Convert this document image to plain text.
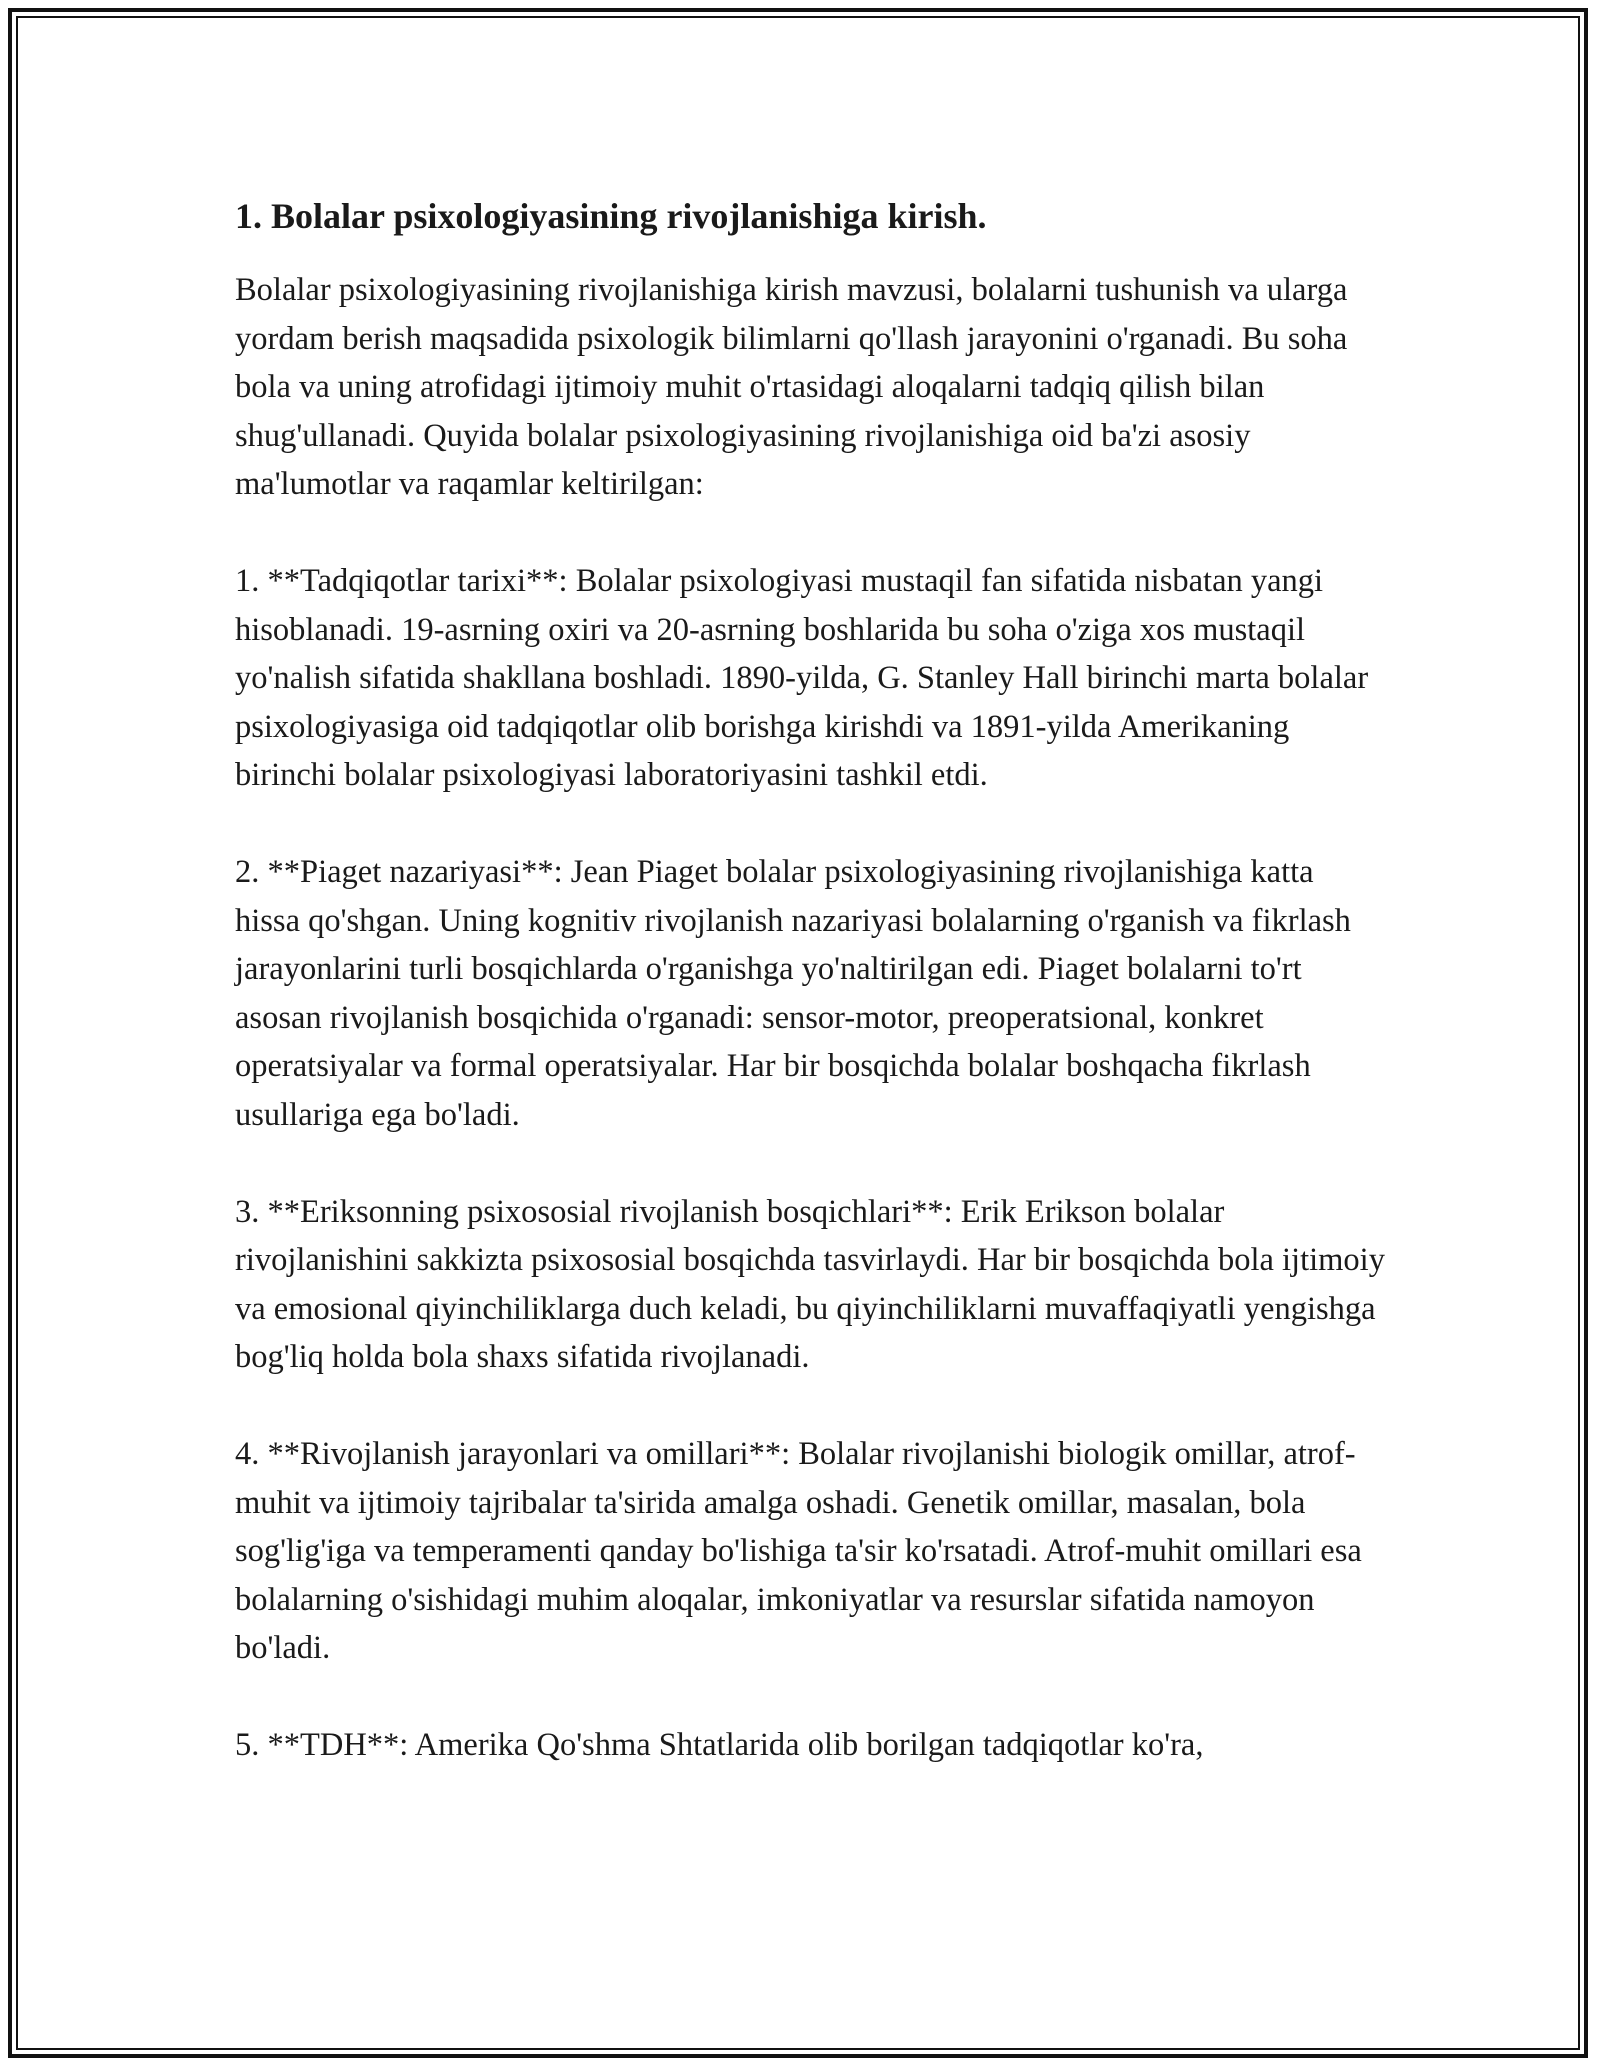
1. Bolalar psixologiyasining rivojlanishiga kirish.

Bolalar psixologiyasining rivojlanishiga kirish mavzusi, bolalarni tushunish va ularga yordam berish maqsadida psixologik bilimlarni qo'llash jarayonini o'rganadi. Bu soha bola va uning atrofidagi ijtimoiy muhit o'rtasidagi aloqalarni tadqiq qilish bilan shug'ullanadi. Quyida bolalar psixologiyasining rivojlanishiga oid ba'zi asosiy ma'lumotlar va raqamlar keltirilgan:

1. **Tadqiqotlar tarixi**: Bolalar psixologiyasi mustaqil fan sifatida nisbatan yangi hisoblanadi. 19-asrning oxiri va 20-asrning boshlarida bu soha o'ziga xos mustaqil yo'nalish sifatida shakllana boshladi. 1890-yilda, G. Stanley Hall birinchi marta bolalar psixologiyasiga oid tadqiqotlar olib borishga kirishdi va 1891-yilda Amerikaning birinchi bolalar psixologiyasi laboratoriyasini tashkil etdi.

2. **Piaget nazariyasi**: Jean Piaget bolalar psixologiyasining rivojlanishiga katta hissa qo'shgan. Uning kognitiv rivojlanish nazariyasi bolalarning o'rganish va fikrlash jarayonlarini turli bosqichlarda o'rganishga yo'naltirilgan edi. Piaget bolalarni to'rt asosan rivojlanish bosqichida o'rganadi: sensor-motor, preoperatsional, konkret operatsiyalar va formal operatsiyalar. Har bir bosqichda bolalar boshqacha fikrlash usullariga ega bo'ladi.

3. **Eriksonning psixososial rivojlanish bosqichlari**: Erik Erikson bolalar rivojlanishini sakkizta psixososial bosqichda tasvirlaydi. Har bir bosqichda bola ijtimoiy va emosional qiyinchiliklarga duch keladi, bu qiyinchiliklarni muvaffaqiyatli yengishga bog'liq holda bola shaxs sifatida rivojlanadi.

4. **Rivojlanish jarayonlari va omillari**: Bolalar rivojlanishi biologik omillar, atrof-muhit va ijtimoiy tajribalar ta'sirida amalga oshadi. Genetik omillar, masalan, bola sog'lig'iga va temperamenti qanday bo'lishiga ta'sir ko'rsatadi. Atrof-muhit omillari esa bolalarning o'sishidagi muhim aloqalar, imkoniyatlar va resurslar sifatida namoyon bo'ladi.

5. **TDH**: Amerika Qo'shma Shtatlarida olib borilgan tadqiqotlar ko'ra,
